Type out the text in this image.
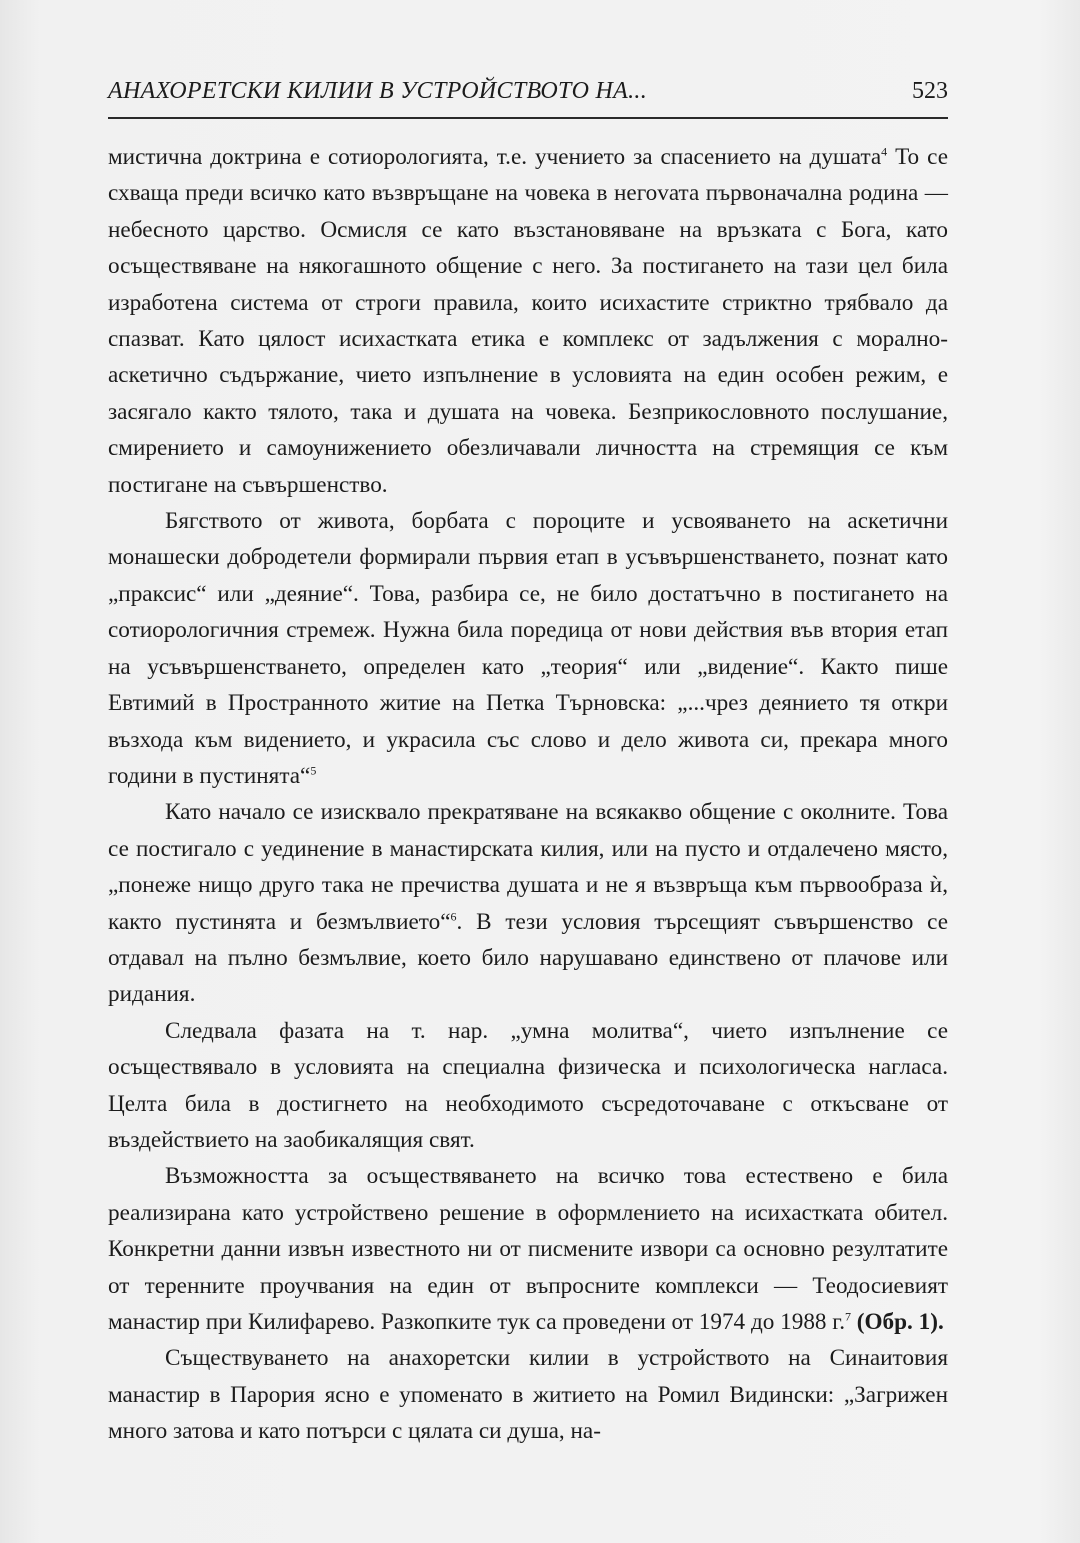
АНАХОРЕТСКИ КИЛИИ В УСТРОЙСТВОТО НА...	523

мистична доктрина е сотиорологията, т.е. учението за спасението на душата$^4$ То се схваща преди всичко като възвръщане на човека в негоvата първоначална родина — небесното царство. Осмисля се като възстановяване на връзката с Бога, като осъществяване на някогашното общение с него. За постигането на тази цел била изработена система от строги правила, които исихастите стриктно трябвало да спазват. Като цялост исихастката етика е комплекс от задължения с морално-аскетично съдържание, чието изпълнение в условията на един особен режим, е засягало както тялото, така и душата на човека. Безприкословното послушание, смирението и самоунижението обезличавали личността на стремящия се към постигане на съвършенство.

Бягството от живота, борбата с пороците и усвояването на аскетични монашески добродетели формирали първия етап в усъвършенстването, познат като „праксис“ или „деяние“. Това, разбира се, не било достатъчно в постигането на сотиорологичния стремеж. Нужна била поредица от нови действия във втория етап на усъвършенстването, определен като „теория“ или „видение“. Както пише Евтимий в Пространното житие на Петка Търновска: „...чрез деянието тя откри възхода към видението, и украсила със слово и дело живота си, прекара много години в пустинята“$^5$

Като начало се изисквало прекратяване на всякакво общение с околните. Това се постигало с уединение в манастирската килия, или на пусто и отдалечено място, „понеже нищо друго така не пречиства душата и не я възвръща към първообраза ѝ, както пустинята и безмълвието“$^6$. В тези условия търсещият съвършенство се отдавал на пълно безмълвие, което било нарушавано единствено от плачове или ридания.

Следвала фазата на т. нар. „умна молитва“, чието изпълнение се осъществявало в условията на специална физическа и психологическа нагласа. Целта била в достигнето на необходимото съсредоточаване с откъсване от въздействието на заобикалящия свят.

Възможността за осъществяването на всичко това естествено е била реализирана като устройствено решение в оформлението на исихастката обител. Конкретни данни извън известното ни от писмените извори са основно резултатите от теренните проучвания на един от въпросните комплекси — Теодосиевият манастир при Килифарево. Разкопките тук са проведени от 1974 до 1988 г.$^7$ (Обр. 1).

Съществуването на анахоретски килии в устройството на Синаитовия манастир в Парория ясно е упоменато в житието на Ромил Видински: „Загрижен много затова и като потърси с цялата си душа, на-
